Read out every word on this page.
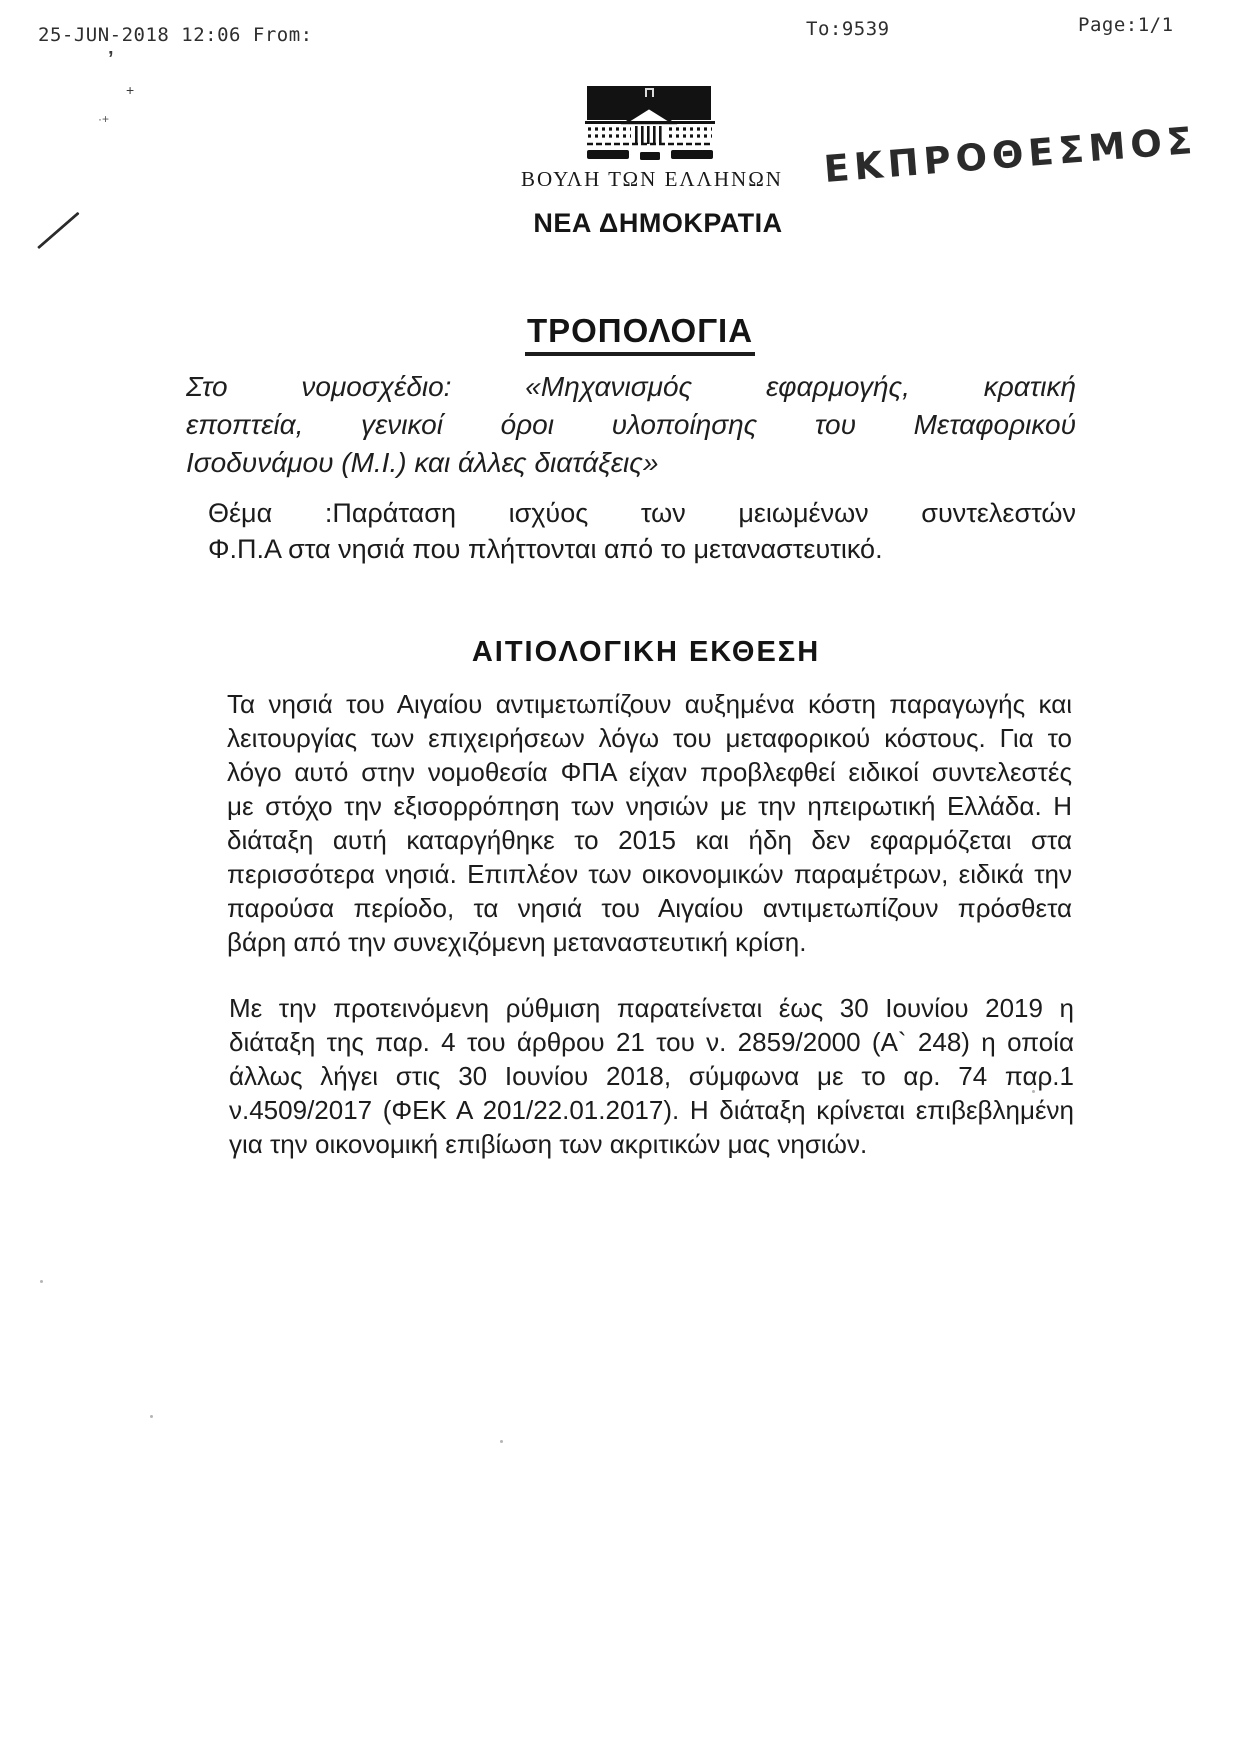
25-JUN-2018 12:06 From:	To:9539	Page:1/1
’
+
·+
ΒΟΥΛΗ ΤΩΝ ΕΛΛΗΝΩΝ
ΝΕΑ ΔΗΜΟΚΡΑΤΙΑ
ΕΚΠΡΟΘΕΣΜΟΣ
ΤΡΟΠΟΛΟΓΙΑ
Στο νομοσχέδιο: «Μηχανισμός εφαρμογής, κρατική
εποπτεία, γενικοί όροι υλοποίησης του Μεταφορικού
Ισοδυνάμου (Μ.Ι.) και άλλες διατάξεις»
Θέμα :Παράταση ισχύος των μειωμένων συντελεστών
Φ.Π.Α στα νησιά που πλήττονται από το μεταναστευτικό.
ΑΙΤΙΟΛΟΓΙΚΗ ΕΚΘΕΣΗ
Τα νησιά του Αιγαίου αντιμετωπίζουν αυξημένα κόστη παραγωγής και
λειτουργίας των επιχειρήσεων λόγω του μεταφορικού κόστους. Για το
λόγο αυτό στην νομοθεσία ΦΠΑ είχαν προβλεφθεί ειδικοί συντελεστές
με στόχο την εξισορρόπηση των νησιών με την ηπειρωτική Ελλάδα. Η
διάταξη αυτή καταργήθηκε το 2015 και ήδη δεν εφαρμόζεται στα
περισσότερα νησιά. Επιπλέον των οικονομικών παραμέτρων, ειδικά την
παρούσα περίοδο, τα νησιά του Αιγαίου αντιμετωπίζουν πρόσθετα
βάρη από την συνεχιζόμενη μεταναστευτική κρίση.
Με την προτεινόμενη ρύθμιση παρατείνεται έως 30 Ιουνίου 2019 η
διάταξη της παρ. 4 του άρθρου 21 του ν. 2859/2000 (Α` 248) η οποία
άλλως λήγει στις 30 Ιουνίου 2018, σύμφωνα με το αρ. 74 παρ.1
ν.4509/2017 (ΦΕΚ Α 201/22.01.2017). Η διάταξη κρίνεται επιβεβλημένη
για την οικονομική επιβίωση των ακριτικών μας νησιών.
